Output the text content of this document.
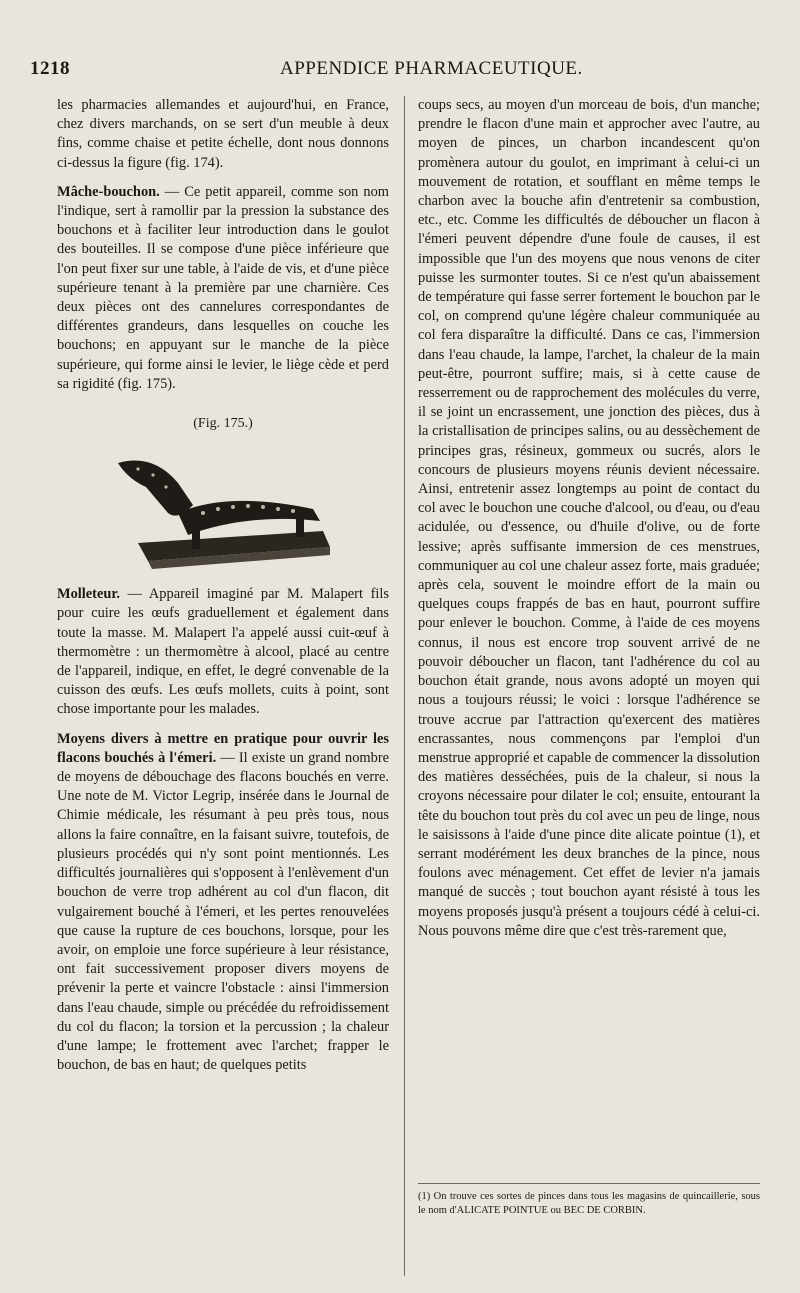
1218	APPENDICE PHARMACEUTIQUE.

les pharmacies allemandes et aujourd'hui, en France, chez divers marchands, on se sert d'un meuble à deux fins, comme chaise et petite échelle, dont nous donnons ci-dessus la figure (fig. 174).

Mâche-bouchon. — Ce petit appareil, comme son nom l'indique, sert à ramollir par la pression la substance des bouchons et à faciliter leur introduction dans le goulot des bouteilles. Il se compose d'une pièce inférieure que l'on peut fixer sur une table, à l'aide de vis, et d'une pièce supérieure tenant à la première par une charnière. Ces deux pièces ont des cannelures correspondantes de différentes grandeurs, dans lesquelles on couche les bouchons; en appuyant sur le manche de la pièce supérieure, qui forme ainsi le levier, le liège cède et perd sa rigidité (fig. 175).

(Fig. 175.)

Molleteur. — Appareil imaginé par M. Malapert fils pour cuire les œufs graduellement et également dans toute la masse. M. Malapert l'a appelé aussi cuit-œuf à thermomètre : un thermomètre à alcool, placé au centre de l'appareil, indique, en effet, le degré convenable de la cuisson des œufs. Les œufs mollets, cuits à point, sont chose importante pour les malades.

Moyens divers à mettre en pratique pour ouvrir les flacons bouchés à l'émeri. — Il existe un grand nombre de moyens de débouchage des flacons bouchés en verre. Une note de M. Victor Legrip, insérée dans le Journal de Chimie médicale, les résumant à peu près tous, nous allons la faire connaître, en la faisant suivre, toutefois, de plusieurs procédés qui n'y sont point mentionnés. Les difficultés journalières qui s'opposent à l'enlèvement d'un bouchon de verre trop adhérent au col d'un flacon, dit vulgairement bouché à l'émeri, et les pertes renouvelées que cause la rupture de ces bouchons, lorsque, pour les avoir, on emploie une force supérieure à leur résistance, ont fait successivement proposer divers moyens de prévenir la perte et vaincre l'obstacle : ainsi l'immersion dans l'eau chaude, simple ou précédée du refroidissement du col du flacon; la torsion et la percussion ; la chaleur d'une lampe; le frottement avec l'archet; frapper le bouchon, de bas en haut; de quelques petits

coups secs, au moyen d'un morceau de bois, d'un manche; prendre le flacon d'une main et approcher avec l'autre, au moyen de pinces, un charbon incandescent qu'on promènera autour du goulot, en imprimant à celui-ci un mouvement de rotation, et soufflant en même temps le charbon avec la bouche afin d'entretenir sa combustion, etc., etc. Comme les difficultés de déboucher un flacon à l'émeri peuvent dépendre d'une foule de causes, il est impossible que l'un des moyens que nous venons de citer puisse les surmonter toutes. Si ce n'est qu'un abaissement de température qui fasse serrer fortement le bouchon par le col, on comprend qu'une légère chaleur communiquée au col fera disparaître la difficulté. Dans ce cas, l'immersion dans l'eau chaude, la lampe, l'archet, la chaleur de la main peut-être, pourront suffire; mais, si à cette cause de resserrement ou de rapprochement des molécules du verre, il se joint un encrassement, une jonction des pièces, dus à la cristallisation de principes salins, ou au dessèchement de principes gras, résineux, gommeux ou sucrés, alors le concours de plusieurs moyens réunis devient nécessaire. Ainsi, entretenir assez longtemps au point de contact du col avec le bouchon une couche d'alcool, ou d'eau, ou d'eau acidulée, ou d'essence, ou d'huile d'olive, ou de forte lessive; après suffisante immersion de ces menstrues, communiquer au col une chaleur assez forte, mais graduée; après cela, souvent le moindre effort de la main ou quelques coups frappés de bas en haut, pourront suffire pour enlever le bouchon. Comme, à l'aide de ces moyens connus, il nous est encore trop souvent arrivé de ne pouvoir déboucher un flacon, tant l'adhérence du col au bouchon était grande, nous avons adopté un moyen qui nous a toujours réussi; le voici : lorsque l'adhérence se trouve accrue par l'attraction qu'exercent des matières encrassantes, nous commençons par l'emploi d'un menstrue approprié et capable de commencer la dissolution des matières desséchées, puis de la chaleur, si nous la croyons nécessaire pour dilater le col; ensuite, entourant la tête du bouchon tout près du col avec un peu de linge, nous le saisissons à l'aide d'une pince dite alicate pointue (1), et serrant modérément les deux branches de la pince, nous foulons avec ménagement. Cet effet de levier n'a jamais manqué de succès ; tout bouchon ayant résisté à tous les moyens proposés jusqu'à présent a toujours cédé à celui-ci. Nous pouvons même dire que c'est très-rarement que,

(1) On trouve ces sortes de pinces dans tous les magasins de quincaillerie, sous le nom d'ALICATE POINTUE ou BEC DE CORBIN.
